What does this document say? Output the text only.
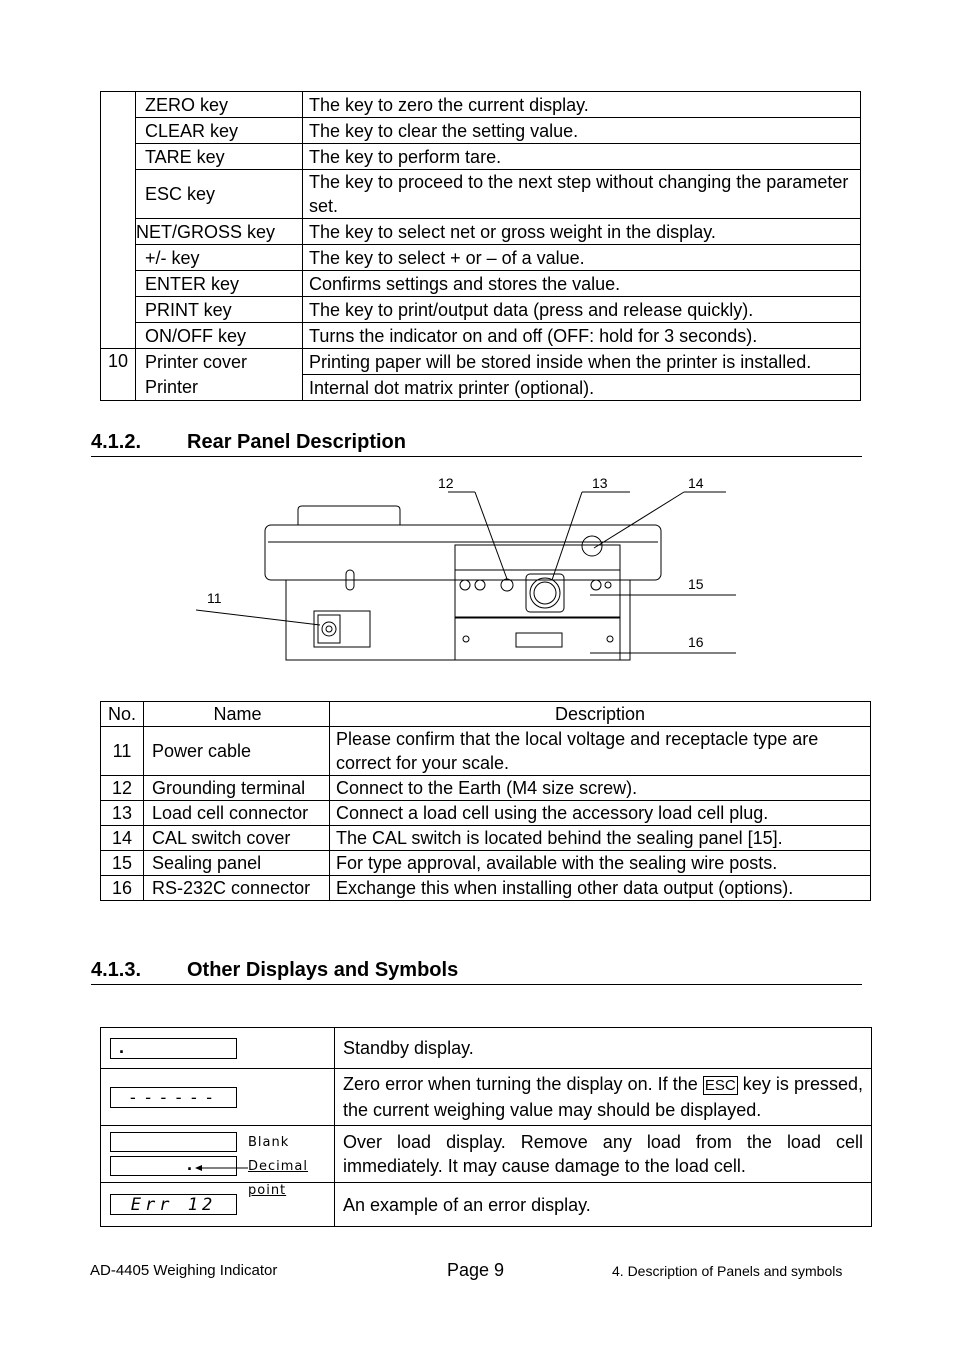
	ZERO key	The key to zero the current display.
	CLEAR key	The key to clear the setting value.
	TARE key	The key to perform tare.
	ESC key	The key to proceed to the next step without changing the parameter set.
	NET/GROSS key	The key to select net or gross weight in the display.
	+/- key	The key to select + or – of a value.
	ENTER key	Confirms settings and stores the value.
	PRINT key	The key to print/output data (press and release quickly).
	ON/OFF key	Turns the indicator on and off (OFF: hold for 3 seconds).
10	Printer cover	Printing paper will be stored inside when the printer is installed.
	Printer	Internal dot matrix printer (optional).
4.1.2. Rear Panel Description
11
12	13	14
15
16
No.	Name	Description
11	Power cable	Please confirm that the local voltage and receptacle type are correct for your scale.
12	Grounding terminal	Connect to the Earth (M4 size screw).
13	Load cell connector	Connect a load cell using the accessory load cell plug.
14	CAL switch cover	The CAL switch is located behind the sealing panel [15].
15	Sealing panel	For type approval, available with the sealing wire posts.
16	RS-232C connector	Exchange this when installing other data output (options).
4.1.3. Other Displays and Symbols
.	Standby display.

------	Zero error when turning the display on. If the ESC key is pressed, the current weighing value may should be displayed.

.
Blank
Decimal point	Over load display. Remove any load from the load cell immediately. It may cause damage to the load cell.

Err 12	An example of an error display.
AD-4405 Weighing Indicator	Page 9	4. Description of Panels and symbols
